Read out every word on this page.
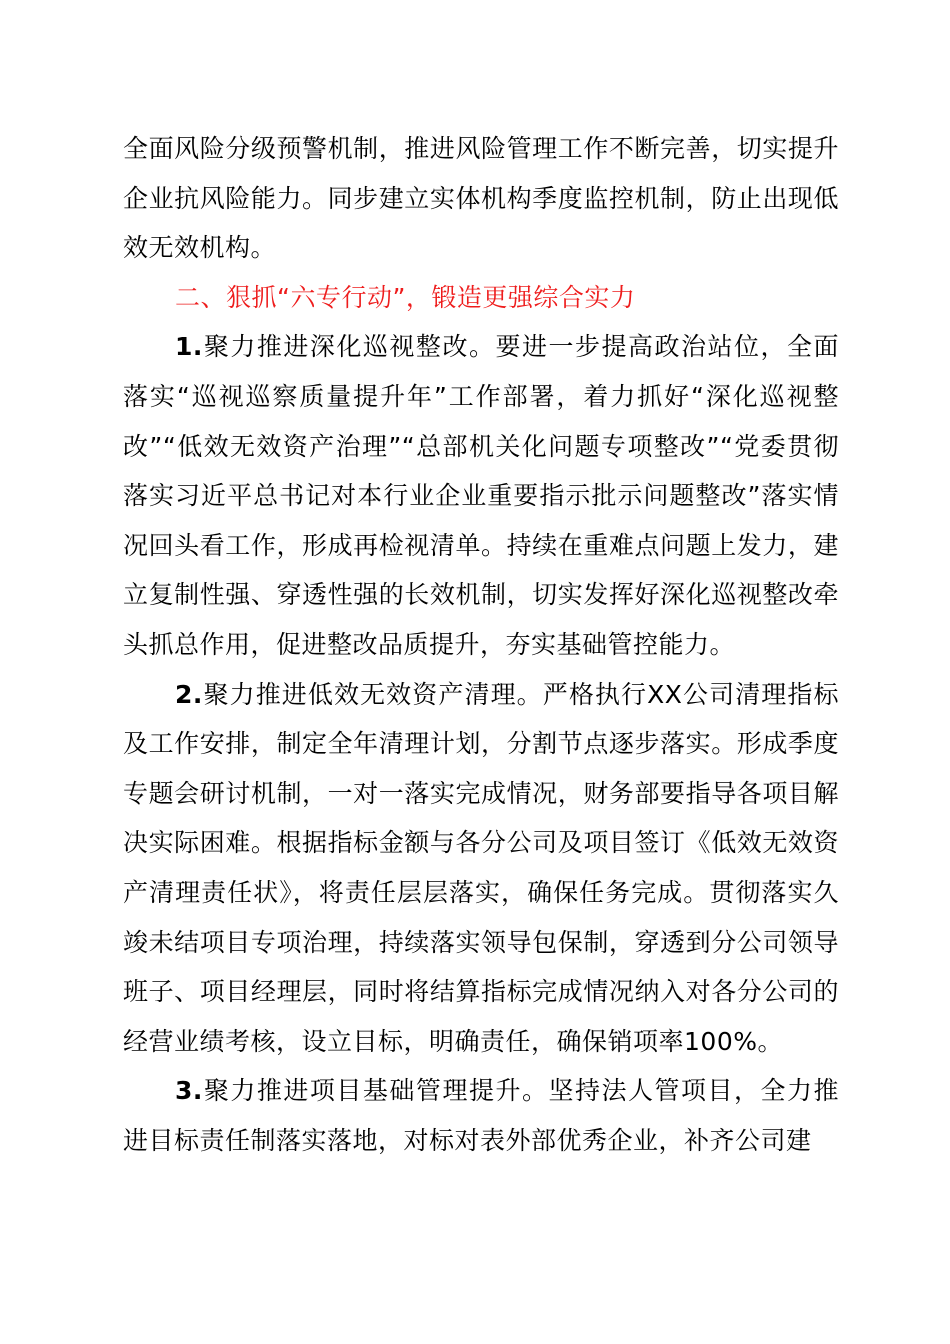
全面风险分级预警机制，推进风险管理工作不断完善，切实提升企业抗风险能力。同步建立实体机构季度监控机制，防止出现低效无效机构。

二、狠抓“六专行动”，锻造更强综合实力

1.聚力推进深化巡视整改。要进一步提高政治站位，全面落实“巡视巡察质量提升年”工作部署，着力抓好“深化巡视整改”“低效无效资产治理”“总部机关化问题专项整改”“党委贯彻落实习近平总书记对本行业企业重要指示批示问题整改”落实情况回头看工作，形成再检视清单。持续在重难点问题上发力，建立复制性强、穿透性强的长效机制，切实发挥好深化巡视整改牵头抓总作用，促进整改品质提升，夯实基础管控能力。

2.聚力推进低效无效资产清理。严格执行XX公司清理指标及工作安排，制定全年清理计划，分割节点逐步落实。形成季度专题会研讨机制，一对一落实完成情况，财务部要指导各项目解决实际困难。根据指标金额与各分公司及项目签订《低效无效资产清理责任状》，将责任层层落实，确保任务完成。贯彻落实久竣未结项目专项治理，持续落实领导包保制，穿透到分公司领导班子、项目经理层，同时将结算指标完成情况纳入对各分公司的经营业绩考核，设立目标，明确责任，确保销项率100%。

3.聚力推进项目基础管理提升。坚持法人管项目，全力推进目标责任制落实落地，对标对表外部优秀企业，补齐公司建
